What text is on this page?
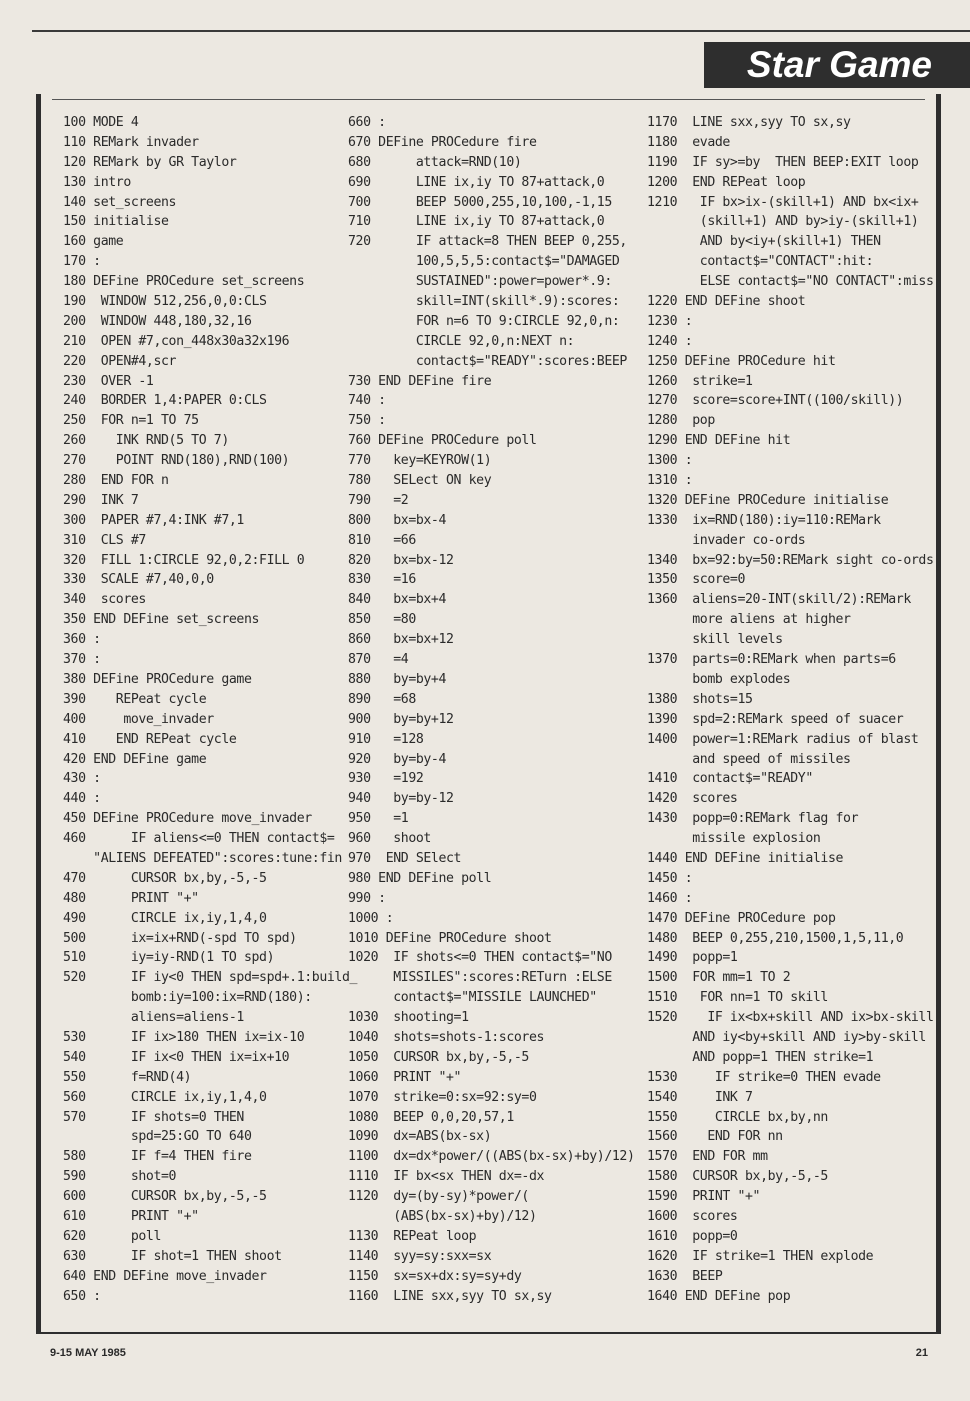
Star Game
100 MODE 4
110 REMark invader
120 REMark by GR Taylor
130 intro
140 set_screens
150 initialise
160 game
170 :
180 DEFine PROCedure set_screens
190  WINDOW 512,256,0,0:CLS
200  WINDOW 448,180,32,16
210  OPEN #7,con_448x30a32x196
220  OPEN#4,scr
230  OVER -1
240  BORDER 1,4:PAPER 0:CLS
250  FOR n=1 TO 75
260    INK RND(5 TO 7)
270    POINT RND(180),RND(100)
280  END FOR n
290  INK 7
300  PAPER #7,4:INK #7,1
310  CLS #7
320  FILL 1:CIRCLE 92,0,2:FILL 0
330  SCALE #7,40,0,0
340  scores
350 END DEFine set_screens
360 :
370 :
380 DEFine PROCedure game
390    REPeat cycle
400     move_invader
410    END REPeat cycle
420 END DEFine game
430 :
440 :
450 DEFine PROCedure move_invader
460      IF aliens<=0 THEN contact$=
"ALIENS DEFEATED":scores:tune:fin
470      CURSOR bx,by,-5,-5
480      PRINT "+"
490      CIRCLE ix,iy,1,4,0
500      ix=ix+RND(-spd TO spd)
510      iy=iy-RND(1 TO spd)
520      IF iy<0 THEN spd=spd+.1:build_
bomb:iy=100:ix=RND(180):
aliens=aliens-1
530      IF ix>180 THEN ix=ix-10
540      IF ix<0 THEN ix=ix+10
550      f=RND(4)
560      CIRCLE ix,iy,1,4,0
570      IF shots=0 THEN
spd=25:GO TO 640
580      IF f=4 THEN fire
590      shot=0
600      CURSOR bx,by,-5,-5
610      PRINT "+"
620      poll
630      IF shot=1 THEN shoot
640 END DEFine move_invader
650 :
660 :
670 DEFine PROCedure fire
680      attack=RND(10)
690      LINE ix,iy TO 87+attack,0
700      BEEP 5000,255,10,100,-1,15
710      LINE ix,iy TO 87+attack,0
720      IF attack=8 THEN BEEP 0,255,
100,5,5,5:contact$="DAMAGED
SUSTAINED":power=power*.9:
skill=INT(skill*.9):scores:
FOR n=6 TO 9:CIRCLE 92,0,n:
CIRCLE 92,0,n:NEXT n:
contact$="READY":scores:BEEP
730 END DEFine fire
740 :
750 :
760 DEFine PROCedure poll
770   key=KEYROW(1)
780   SELect ON key
790   =2
800   bx=bx-4
810   =66
820   bx=bx-12
830   =16
840   bx=bx+4
850   =80
860   bx=bx+12
870   =4
880   by=by+4
890   =68
900   by=by+12
910   =128
920   by=by-4
930   =192
940   by=by-12
950   =1
960   shoot
970  END SElect
980 END DEFine poll
990 :
1000 :
1010 DEFine PROCedure shoot
1020  IF shots<=0 THEN contact$="NO
MISSILES":scores:RETurn :ELSE
contact$="MISSILE LAUNCHED"
1030  shooting=1
1040  shots=shots-1:scores
1050  CURSOR bx,by,-5,-5
1060  PRINT "+"
1070  strike=0:sx=92:sy=0
1080  BEEP 0,0,20,57,1
1090  dx=ABS(bx-sx)
1100  dx=dx*power/((ABS(bx-sx)+by)/12)
1110  IF bx<sx THEN dx=-dx
1120  dy=(by-sy)*power/(
(ABS(bx-sx)+by)/12)
1130  REPeat loop
1140  syy=sy:sxx=sx
1150  sx=sx+dx:sy=sy+dy
1160  LINE sxx,syy TO sx,sy
1170  LINE sxx,syy TO sx,sy
1180  evade
1190  IF sy>=by  THEN BEEP:EXIT loop
1200  END REPeat loop
1210   IF bx>ix-(skill+1) AND bx<ix+
(skill+1) AND by>iy-(skill+1)
AND by<iy+(skill+1) THEN
contact$="CONTACT":hit:
ELSE contact$="NO CONTACT":miss
1220 END DEFine shoot
1230 :
1240 :
1250 DEFine PROCedure hit
1260  strike=1
1270  score=score+INT((100/skill))
1280  pop
1290 END DEFine hit
1300 :
1310 :
1320 DEFine PROCedure initialise
1330  ix=RND(180):iy=110:REMark
invader co-ords
1340  bx=92:by=50:REMark sight co-ords
1350  score=0
1360  aliens=20-INT(skill/2):REMark
more aliens at higher
skill levels
1370  parts=0:REMark when parts=6
bomb explodes
1380  shots=15
1390  spd=2:REMark speed of suacer
1400  power=1:REMark radius of blast
and speed of missiles
1410  contact$="READY"
1420  scores
1430  popp=0:REMark flag for
missile explosion
1440 END DEFine initialise
1450 :
1460 :
1470 DEFine PROCedure pop
1480  BEEP 0,255,210,1500,1,5,11,0
1490  popp=1
1500  FOR mm=1 TO 2
1510   FOR nn=1 TO skill
1520    IF ix<bx+skill AND ix>bx-skill
AND iy<by+skill AND iy>by-skill
AND popp=1 THEN strike=1
1530     IF strike=0 THEN evade
1540     INK 7
1550     CIRCLE bx,by,nn
1560    END FOR nn
1570  END FOR mm
1580  CURSOR bx,by,-5,-5
1590  PRINT "+"
1600  scores
1610  popp=0
1620  IF strike=1 THEN explode
1630  BEEP
1640 END DEFine pop
9-15 MAY 1985	21
